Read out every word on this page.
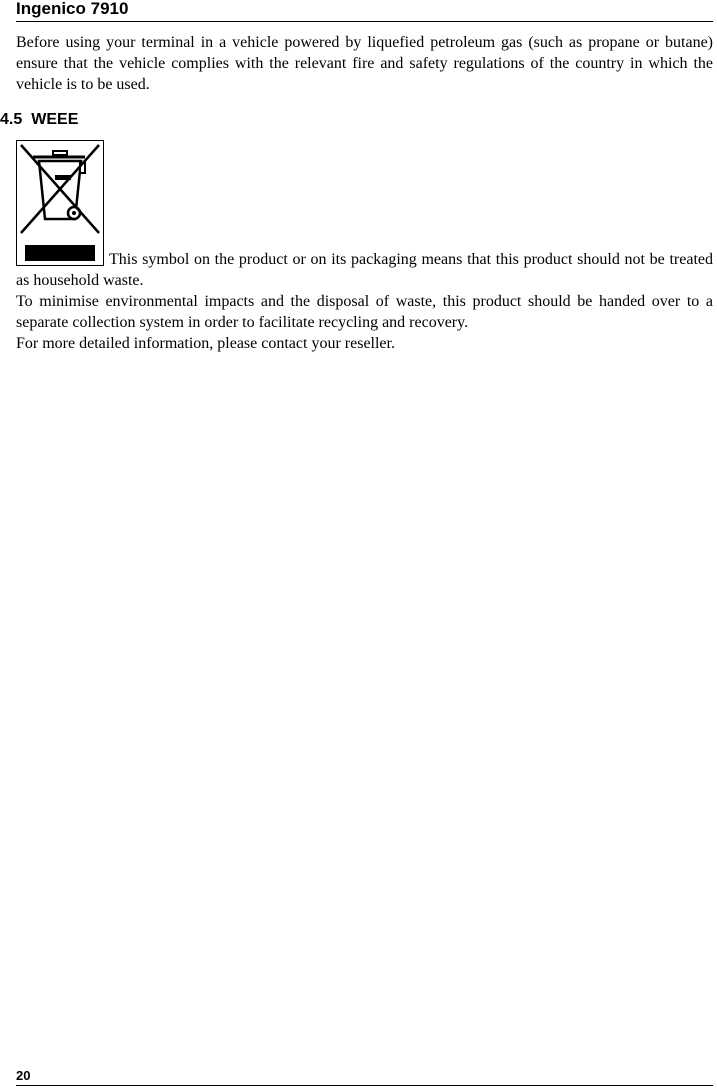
Ingenico 7910

Before using your terminal in a vehicle powered by liquefied petroleum gas (such as propane or butane) ensure that the vehicle complies with the relevant fire and safety regulations of the country in which the vehicle is to be used.

4.5 WEEE

This symbol on the product or on its packaging means that this product should not be treated as household waste.

To minimise environmental impacts and the disposal of waste, this product should be handed over to a separate collection system in order to facilitate recycling and recovery.

For more detailed information, please contact your reseller.

20
